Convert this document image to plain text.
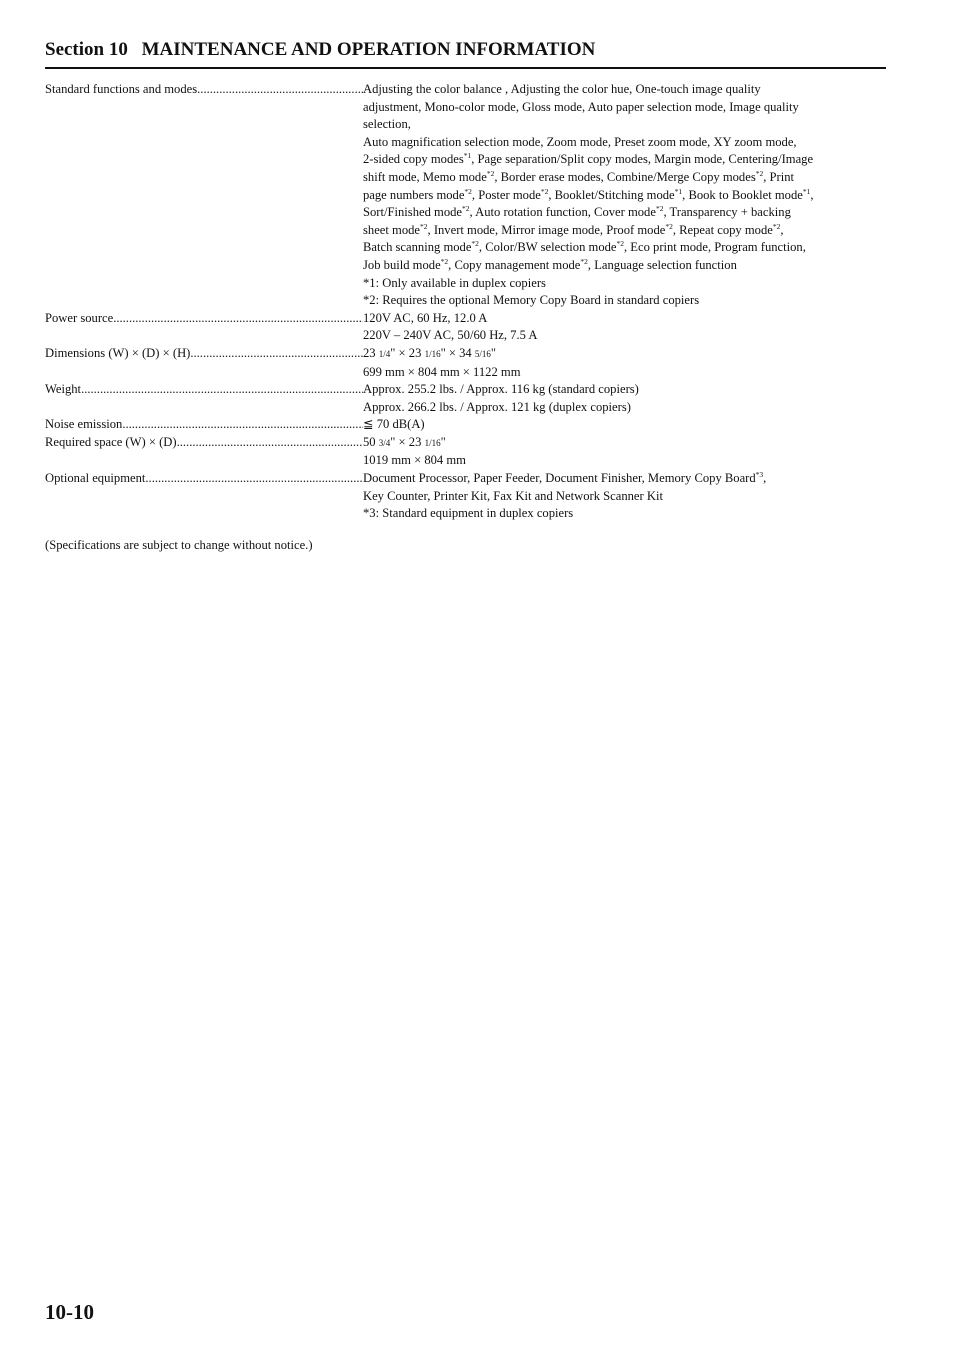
Section 10 MAINTENANCE AND OPERATION INFORMATION
Standard functions and modes .....	Adjusting the color balance , Adjusting the color hue, One-touch image quality
adjustment, Mono-color mode, Gloss mode, Auto paper selection mode, Image quality
selection,
Auto magnification selection mode, Zoom mode, Preset zoom mode, XY zoom mode,
2-sided copy modes$^{*1}$, Page separation/Split copy modes, Margin mode, Centering/Image
shift mode, Memo mode$^{*2}$, Border erase modes, Combine/Merge Copy modes$^{*2}$, Print
page numbers mode$^{*2}$, Poster mode$^{*2}$, Booklet/Stitching mode$^{*1}$, Book to Booklet mode$^{*1}$,
Sort/Finished mode$^{*2}$, Auto rotation function, Cover mode$^{*2}$, Transparency + backing
sheet mode$^{*2}$, Invert mode, Mirror image mode, Proof mode$^{*2}$, Repeat copy mode$^{*2}$,
Batch scanning mode$^{*2}$, Color/BW selection mode$^{*2}$, Eco print mode, Program function,
Job build mode$^{*2}$, Copy management mode$^{*2}$, Language selection function
*1: Only available in duplex copiers
*2: Requires the optional Memory Copy Board in standard copiers
Power source .....	120V AC, 60 Hz, 12.0 A
220V – 240V AC, 50/60 Hz, 7.5 A
Dimensions (W) × (D) × (H) .....	23 1/4" × 23 1/16" × 34 5/16"
699 mm × 804 mm × 1122 mm
Weight .....	Approx. 255.2 lbs. / Approx. 116 kg (standard copiers)
Approx. 266.2 lbs. / Approx. 121 kg (duplex copiers)
Noise emission .....	≦ 70 dB(A)
Required space (W) × (D) .....	50 3/4" × 23 1/16"
1019 mm × 804 mm
Optional equipment .....	Document Processor, Paper Feeder, Document Finisher, Memory Copy Board$^{*3}$,
Key Counter, Printer Kit, Fax Kit and Network Scanner Kit
*3: Standard equipment in duplex copiers
(Specifications are subject to change without notice.)
10-10
